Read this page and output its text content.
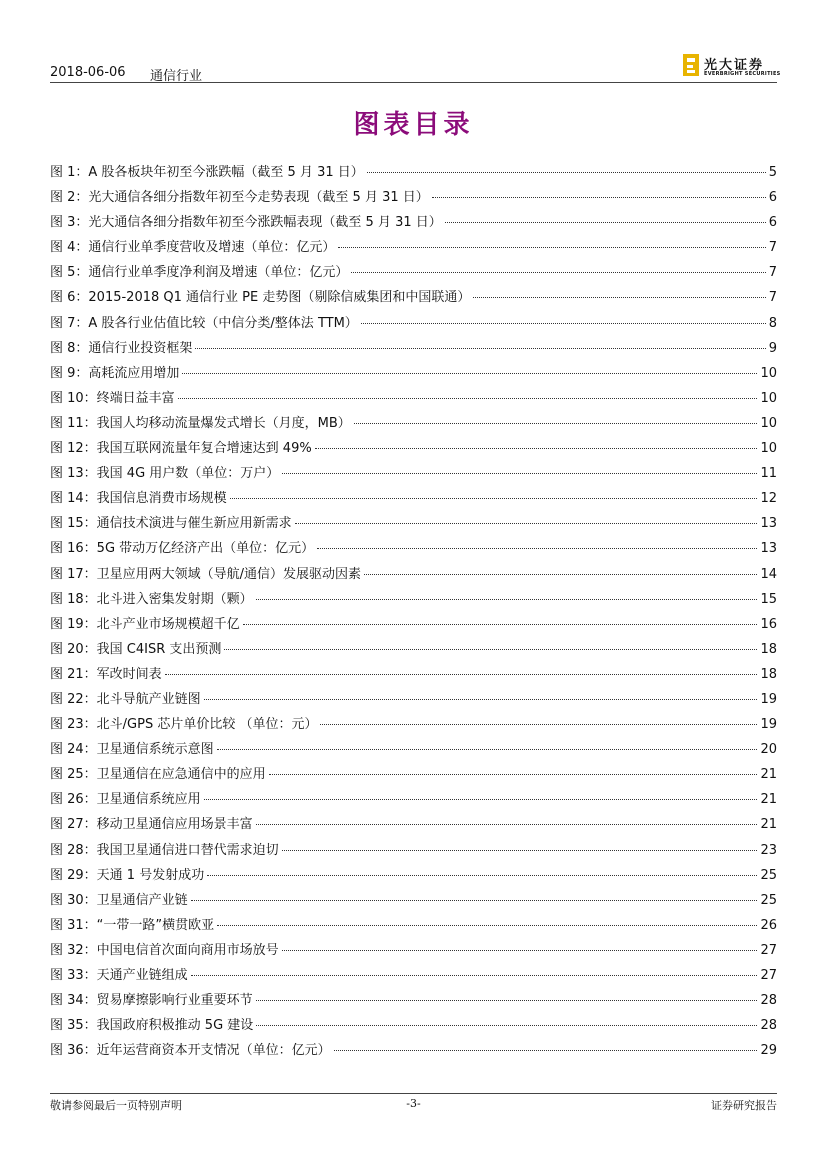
2018-06-06 通信行业
光大证券
EVERBRIGHT SECURITIES
图表目录
图 1：A 股各板块年初至今涨跌幅（截至 5 月 31 日）	5
图 2：光大通信各细分指数年初至今走势表现（截至 5 月 31 日）	6
图 3：光大通信各细分指数年初至今涨跌幅表现（截至 5 月 31 日）	6
图 4：通信行业单季度营收及增速（单位：亿元）	7
图 5：通信行业单季度净利润及增速（单位：亿元）	7
图 6：2015-2018 Q1 通信行业 PE 走势图（剔除信威集团和中国联通）	7
图 7：A 股各行业估值比较（中信分类/整体法 TTM）	8
图 8：通信行业投资框架	9
图 9：高耗流应用增加	10
图 10：终端日益丰富	10
图 11：我国人均移动流量爆发式增长（月度，MB）	10
图 12：我国互联网流量年复合增速达到 49%	10
图 13：我国 4G 用户数（单位：万户）	11
图 14：我国信息消费市场规模	12
图 15：通信技术演进与催生新应用新需求	13
图 16：5G 带动万亿经济产出（单位：亿元）	13
图 17：卫星应用两大领域（导航/通信）发展驱动因素	14
图 18：北斗进入密集发射期（颗）	15
图 19：北斗产业市场规模超千亿	16
图 20：我国 C4ISR 支出预测	18
图 21：军改时间表	18
图 22：北斗导航产业链图	19
图 23：北斗/GPS 芯片单价比较 （单位：元）	19
图 24：卫星通信系统示意图	20
图 25：卫星通信在应急通信中的应用	21
图 26：卫星通信系统应用	21
图 27：移动卫星通信应用场景丰富	21
图 28：我国卫星通信进口替代需求迫切	23
图 29：天通 1 号发射成功	25
图 30：卫星通信产业链	25
图 31：“一带一路”横贯欧亚	26
图 32：中国电信首次面向商用市场放号	27
图 33：天通产业链组成	27
图 34：贸易摩擦影响行业重要环节	28
图 35：我国政府积极推动 5G 建设	28
图 36：近年运营商资本开支情况（单位：亿元）	29
敬请参阅最后一页特别声明	-3-	证券研究报告
